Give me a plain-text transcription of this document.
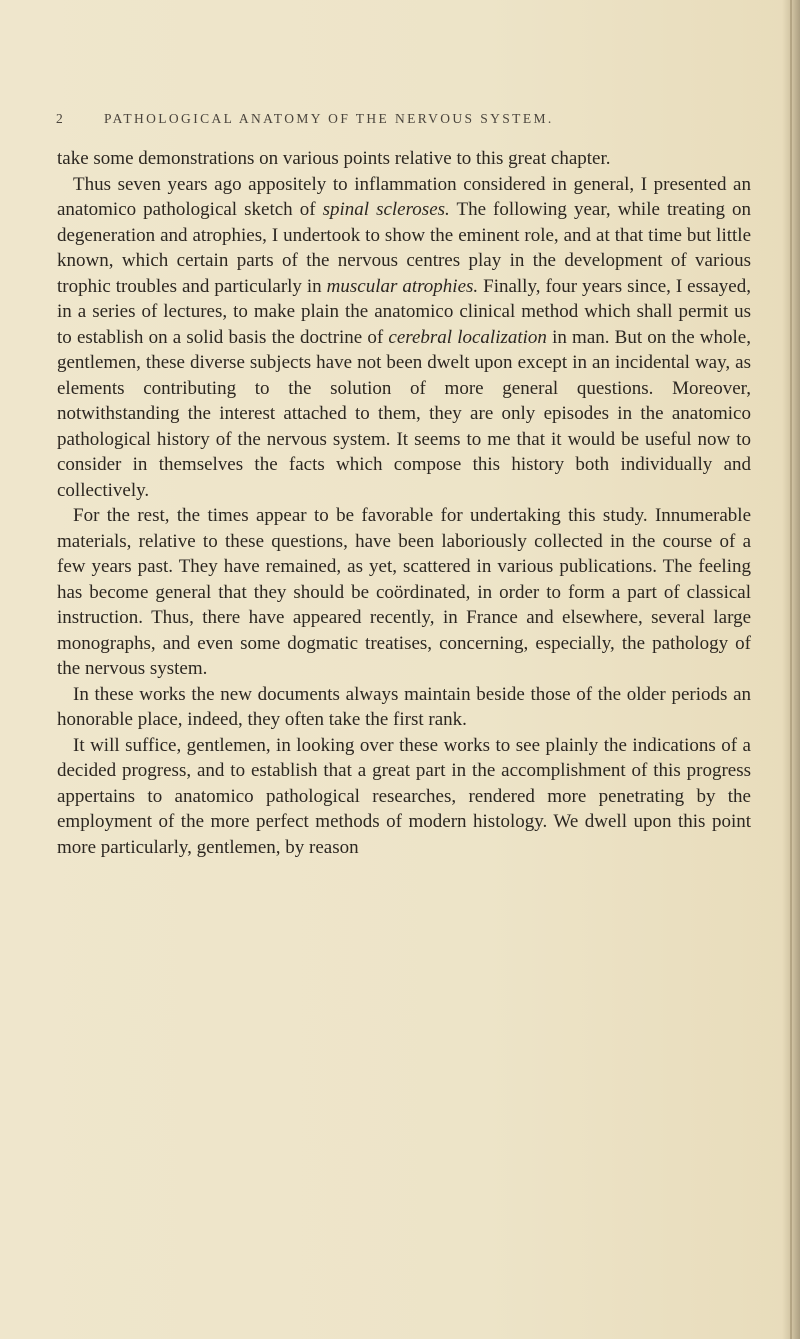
2	PATHOLOGICAL ANATOMY OF THE NERVOUS SYSTEM.

take some demonstrations on various points relative to this great chapter.

Thus seven years ago appositely to inflammation considered in general, I presented an anatomico pathological sketch of spinal scleroses. The following year, while treating on degeneration and atrophies, I undertook to show the eminent role, and at that time but little known, which certain parts of the nervous centres play in the development of various trophic troubles and particularly in muscular atrophies. Finally, four years since, I essayed, in a series of lectures, to make plain the anatomico clinical method which shall permit us to establish on a solid basis the doctrine of cerebral localization in man. But on the whole, gentlemen, these diverse subjects have not been dwelt upon except in an incidental way, as elements contributing to the solution of more general questions. Moreover, notwithstanding the interest attached to them, they are only episodes in the anatomico pathological history of the nervous system. It seems to me that it would be useful now to consider in themselves the facts which compose this history both individually and collectively.

For the rest, the times appear to be favorable for undertaking this study. Innumerable materials, relative to these questions, have been laboriously collected in the course of a few years past. They have remained, as yet, scattered in various publications. The feeling has become general that they should be coördinated, in order to form a part of classical instruction. Thus, there have appeared recently, in France and elsewhere, several large monographs, and even some dogmatic treatises, concerning, especially, the pathology of the nervous system.

In these works the new documents always maintain beside those of the older periods an honorable place, indeed, they often take the first rank.

It will suffice, gentlemen, in looking over these works to see plainly the indications of a decided progress, and to establish that a great part in the accomplishment of this progress appertains to anatomico pathological researches, rendered more penetrating by the employment of the more perfect methods of modern histology. We dwell upon this point more particularly, gentlemen, by reason
